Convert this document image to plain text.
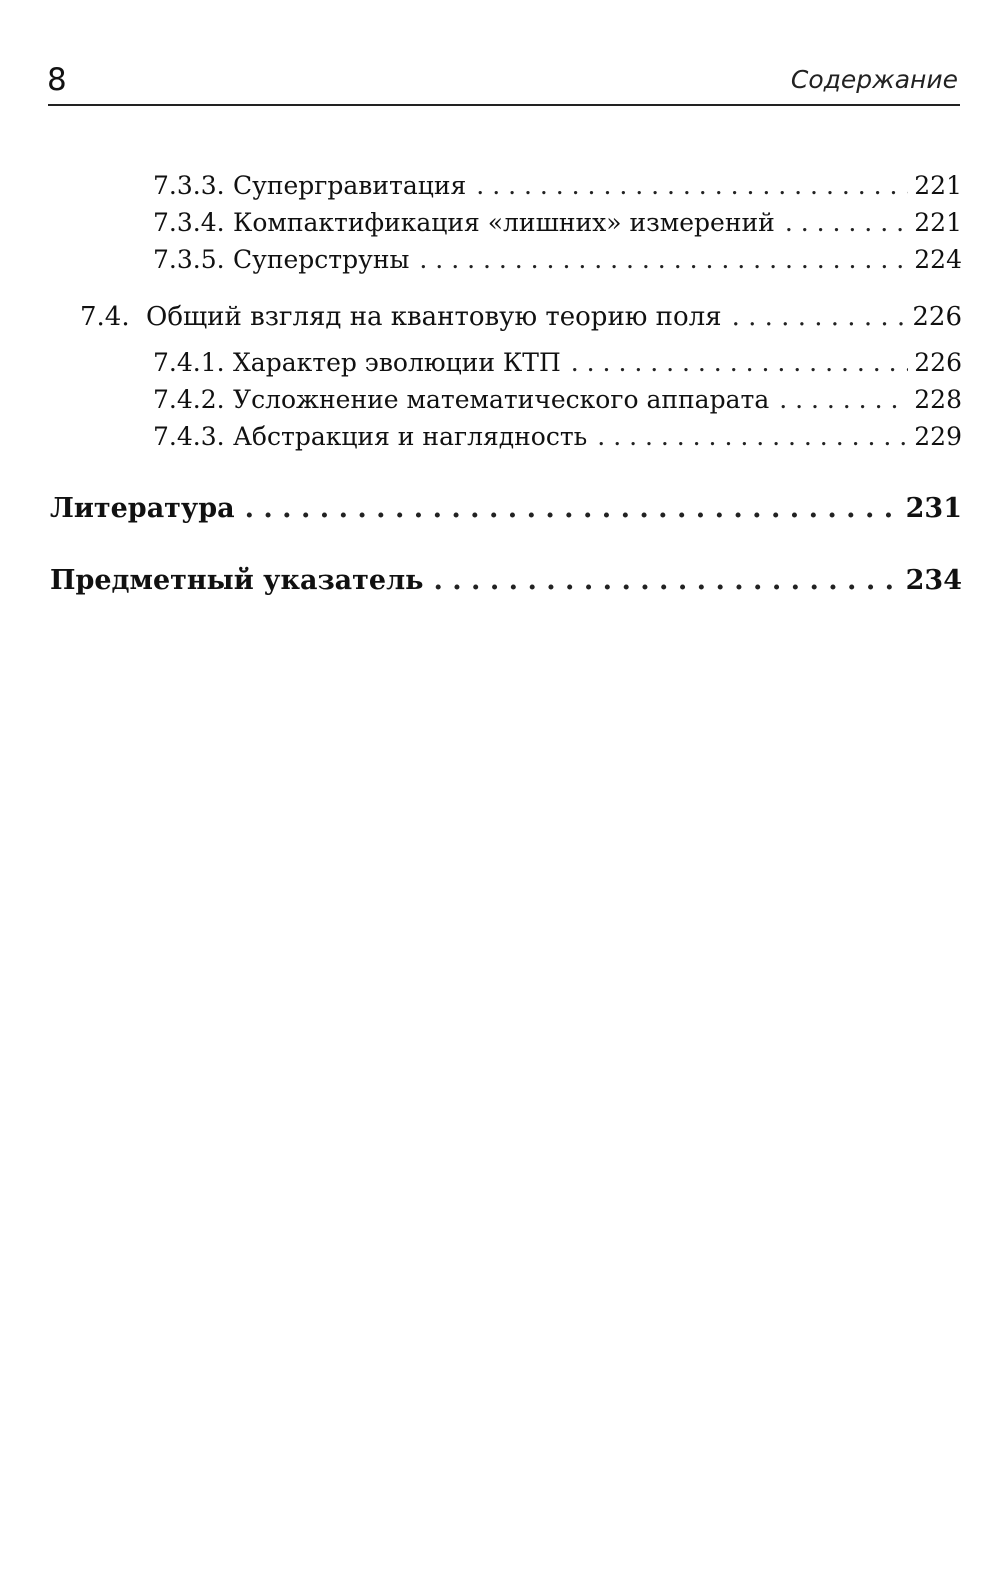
8	Содержание
7.3.3. Супергравитация . . .	221
7.3.4. Компактификация «лишних» измерений . . .	221
7.3.5. Суперструны . . .	224
7.4. Общий взгляд на квантовую теорию поля . . .	226
7.4.1. Характер эволюции КТП . . .	226
7.4.2. Усложнение математического аппарата . . .	228
7.4.3. Абстракция и наглядность . . .	229
Литература . . .	231
Предметный указатель . . .	234
